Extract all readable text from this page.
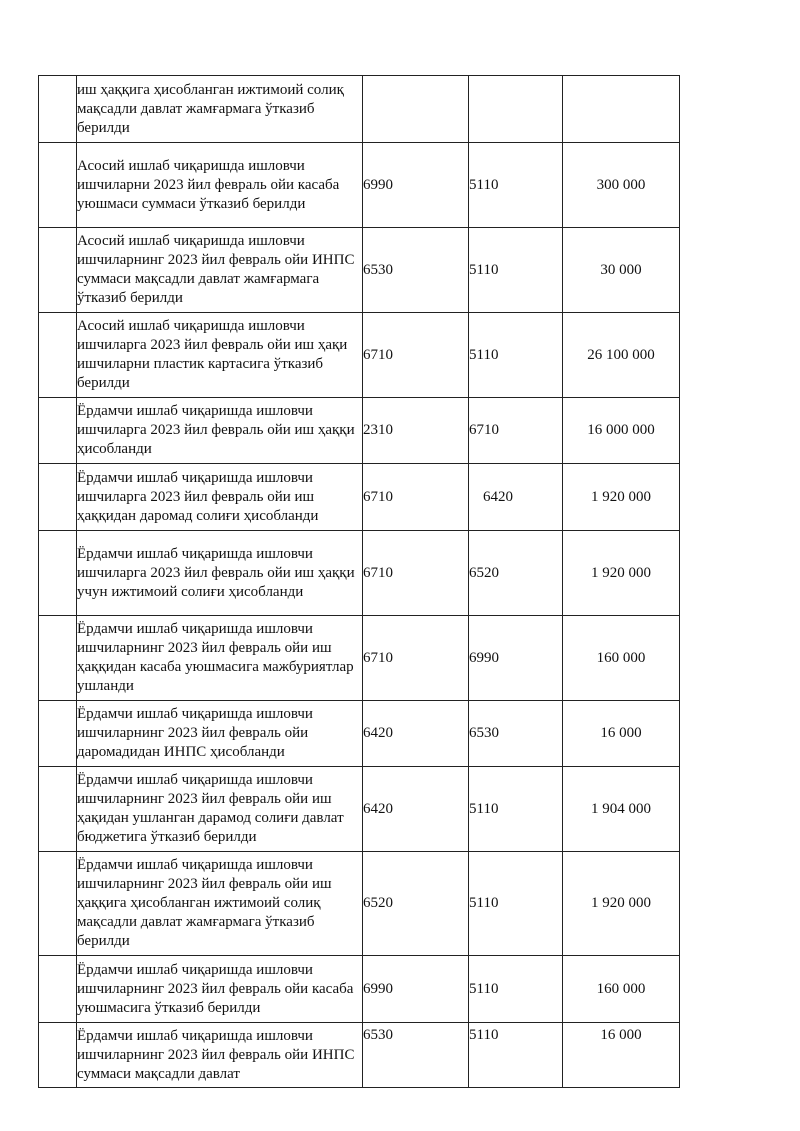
	иш ҳаққига ҳисобланган ижтимоий солиқ мақсадли давлат жамғармага ўтказиб берилди			
	Асосий ишлаб чиқаришда ишловчи ишчиларни 2023 йил февраль ойи касаба уюшмаси суммаси ўтказиб берилди	6990	5110	300 000
	Асосий ишлаб чиқаришда ишловчи ишчиларнинг 2023 йил февраль ойи ИНПС суммаси мақсадли давлат жамғармага ўтказиб берилди	6530	5110	30 000
	Асосий ишлаб чиқаришда ишловчи ишчиларга 2023 йил февраль ойи иш ҳақи ишчиларни пластик картасига ўтказиб берилди	6710	5110	26 100 000
	Ёрдамчи ишлаб чиқаришда ишловчи ишчиларга 2023 йил февраль ойи иш ҳаққи ҳисобланди	2310	6710	16 000 000
	Ёрдамчи ишлаб чиқаришда ишловчи ишчиларга 2023 йил февраль ойи иш ҳаққидан даромад солиғи ҳисобланди	6710	6420	1 920 000
	Ёрдамчи ишлаб чиқаришда ишловчи ишчиларга 2023 йил февраль ойи иш ҳаққи учун ижтимоий солиғи ҳисобланди	6710	6520	1 920 000
	Ёрдамчи ишлаб чиқаришда ишловчи ишчиларнинг 2023 йил февраль ойи иш ҳаққидан касаба уюшмасига мажбуриятлар ушланди	6710	6990	160 000
	Ёрдамчи ишлаб чиқаришда ишловчи ишчиларнинг 2023 йил февраль ойи даромадидан ИНПС ҳисобланди	6420	6530	16 000
	Ёрдамчи ишлаб чиқаришда ишловчи ишчиларнинг 2023 йил февраль ойи иш ҳақидан ушланган дарамод солиғи давлат бюджетига ўтказиб берилди	6420	5110	1 904 000
	Ёрдамчи ишлаб чиқаришда ишловчи ишчиларнинг 2023 йил февраль ойи иш ҳаққига ҳисобланган ижтимоий солиқ мақсадли давлат жамғармага ўтказиб берилди	6520	5110	1 920 000
	Ёрдамчи ишлаб чиқаришда ишловчи ишчиларнинг 2023 йил февраль ойи касаба уюшмасига ўтказиб берилди	6990	5110	160 000
	Ёрдамчи ишлаб чиқаришда ишловчи ишчиларнинг 2023 йил февраль ойи ИНПС суммаси мақсадли давлат	6530	5110	16 000
